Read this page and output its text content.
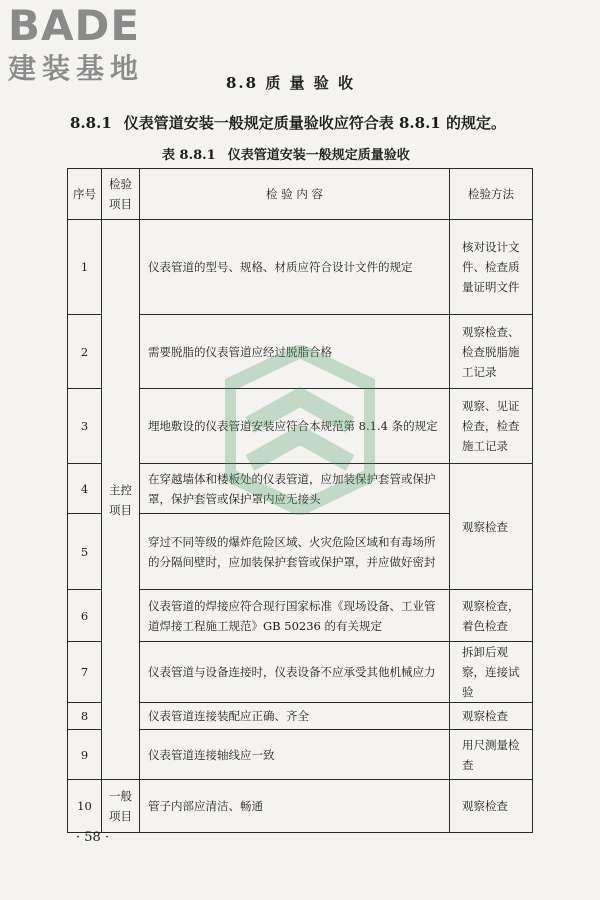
BADE
建装基地	8.8 质 量 验 收
8.8.1 仪表管道安装一般规定质量验收应符合表 8.8.1 的规定。
表 8.8.1 仪表管道安装一般规定质量验收
序号	检验项目	检 验 内 容	检验方法
1	主控项目	仪表管道的型号、规格、材质应符合设计文件的规定	核对设计文件、检查质量证明文件
2		需要脱脂的仪表管道应经过脱脂合格	观察检查、检查脱脂施工记录
3		埋地敷设的仪表管道安装应符合本规范第 8.1.4 条的规定	观察、见证检查，检查施工记录
4		在穿越墙体和楼板处的仪表管道，应加装保护套管或保护罩，保护套管或保护罩内应无接头	观察检查
5		穿过不同等级的爆炸危险区域、火灾危险区域和有毒场所的分隔间壁时，应加装保护套管或保护罩，并应做好密封	
6		仪表管道的焊接应符合现行国家标准《现场设备、工业管道焊接工程施工规范》GB 50236 的有关规定	观察检查，着色检查
7		仪表管道与设备连接时，仪表设备不应承受其他机械应力	拆卸后观察，连接试验
8		仪表管道连接装配应正确、齐全	观察检查
9		仪表管道连接轴线应一致	用尺测量检查
10	一般项目	管子内部应清洁、畅通	观察检查
· 58 ·
